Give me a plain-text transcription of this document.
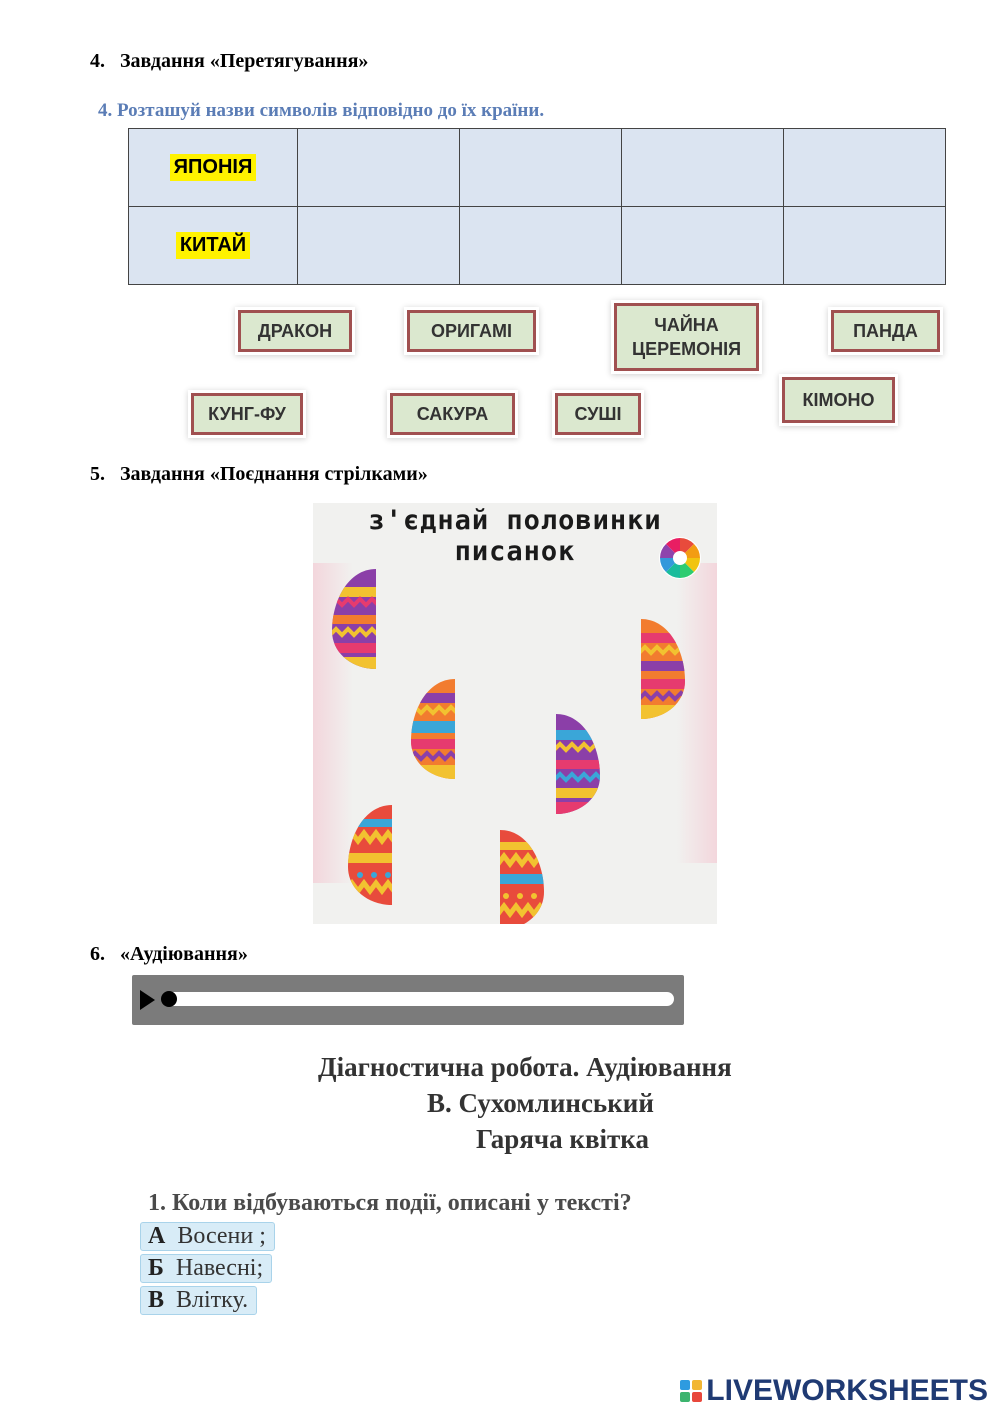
4. Завдання «Перетягування»
4. Розташуй назви символів відповідно до їх країни.
ЯПОНІЯ				
КИТАЙ				
ДРАКОН	ОРИГАМІ	ЧАЙНА
ЦЕРЕМОНІЯ
ПАНДА
КІМОНО
КУНГ-ФУ	САКУРА	СУШІ
5. Завдання «Поєднання стрілками»
з'єднай половинки
писанок
6. «Аудіювання»
Діагностична робота. Аудіювання
В. Сухомлинський
Гаряча квітка
1. Коли відбуваються події, описані у тексті?
А Восени ;
Б Навесні;
В Влітку.
LIVEWORKSHEETS
